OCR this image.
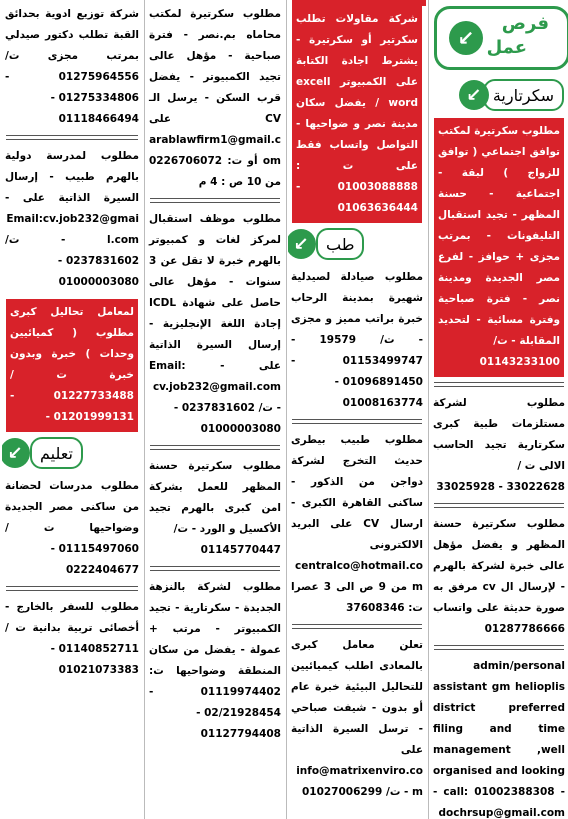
↙ سكرتارية
مطلوب سكرتيرة لمكتب توافق اجتماعي ( توافق للزواج ) لبقة - اجتماعية - حسنة المظهر - تجيد استقبال التليفونات - بمرتب مجزى + حوافز - لفرع مصر الجديدة ومدينة نصر - فترة صباحية وفترة مسائية - لتحديد المقابلة - ت/
01143233100
مطلوب لشركة مستلزمات طبية كبرى سكرتارية تجيد الحاسب الالى ت /
33025928 - 33022628
مطلوب سكرتيرة حسنة المظهر و يفضل مؤهل عالى خبرة لشركة بالهرم - لإرسال ال cv مرفق به صورة حديثة على واتساب 01287786666
admin/personal assistant gm helioplis district preferred filing and time management ,well organised and looking - call: 01002388308 - dochrsup@gmail.com
فرص
عمل
↙
شركة مقاولات تطلب سكرتير أو سكرتيرة - يشترط اجادة الكتابة على الكمبيوتر excell word / يفضل سكان مدينة نصر و ضواحيها - التواصل واتساب فقط على ت : 01003088888 - 01063636444
↙	طب
مطلوب صيادلة لصيدلية شهيرة بمدينة الرحاب خبرة براتب مميز و مجزى - ت/ 19579 - 01153499747 - 01096891450 -
01008163774
مطلوب طبيب بيطرى حديث التخرج لشركة دواجن من الذكور - ساكنى القاهرة الكبرى - ارسال CV على البريد الالكترونى centralco@hotmail.com من 9 ص الى 3 عصرا ت: 37608346
تعلن معامل كبرى بالمعادى اطلب كيميائيين للتحاليل البيئية خبرة عام أو بدون - شيفت صباحي - ترسل السيرة الذاتية على info@matrixenviro.com - ت/ 01027006299
مطلوب سكرتيرة لمكتب محاماه بم.نصر - فترة صباحية - مؤهل عالى تجيد الكمبيوتر - يفضل قرب السكن - يرسل الـ CV على arablawfirm1@gmail.com أو ت: 0226706072 من 10 ص : 4 م
مطلوب موظف استقبال لمركز لغات و كمبيوتر بالهرم خبرة لا تقل عن 3 سنوات - مؤهل عالى حاصل على شهادة ICDL إجادة اللغة الإنجليزية - إرسال السيرة الذاتية على - Email: cv.job232@gmail.com - ت/ 0237831602 -
01000003080
مطلوب سكرتيرة حسنة المظهر للعمل بشركة امن كبرى بالهرم تجيد الأكسيل و الورد - ت/
01145770447
مطلوب لشركة بالنزهة الجديدة - سكرتارية - تجيد الكمبيوتر - مرتب + عمولة - يفضل من سكان المنطقة وضواحيها ت: 01119974402 - 02/21928454 -
01127794408
شركة توزيع ادوية بحدائق القبة تطلب دكتور صيدلي بمرتب مجزى ت/ 01275964556 - 01275334806 -
01118466494
مطلوب لمدرسة دولية بالهرم طبيب - إرسال السيرة الذاتية على - Email:cv.job232@gmail.com - ت/ 0237831602 -
01000003080
لمعامل تحاليل كبرى مطلوب ( كميائيين وحدات ) خبرة وبدون خبرة ت / 01227733488 - 01201999131 -
↙	تعليم
مطلوب مدرسات لحضانة من ساكنى مصر الجديدة وضواحيها ت / 01115497060 -
0222404677
مطلوب للسفر بالخارج - أخصائى تربية بدانية ت / 01140852711 -
01021073383
